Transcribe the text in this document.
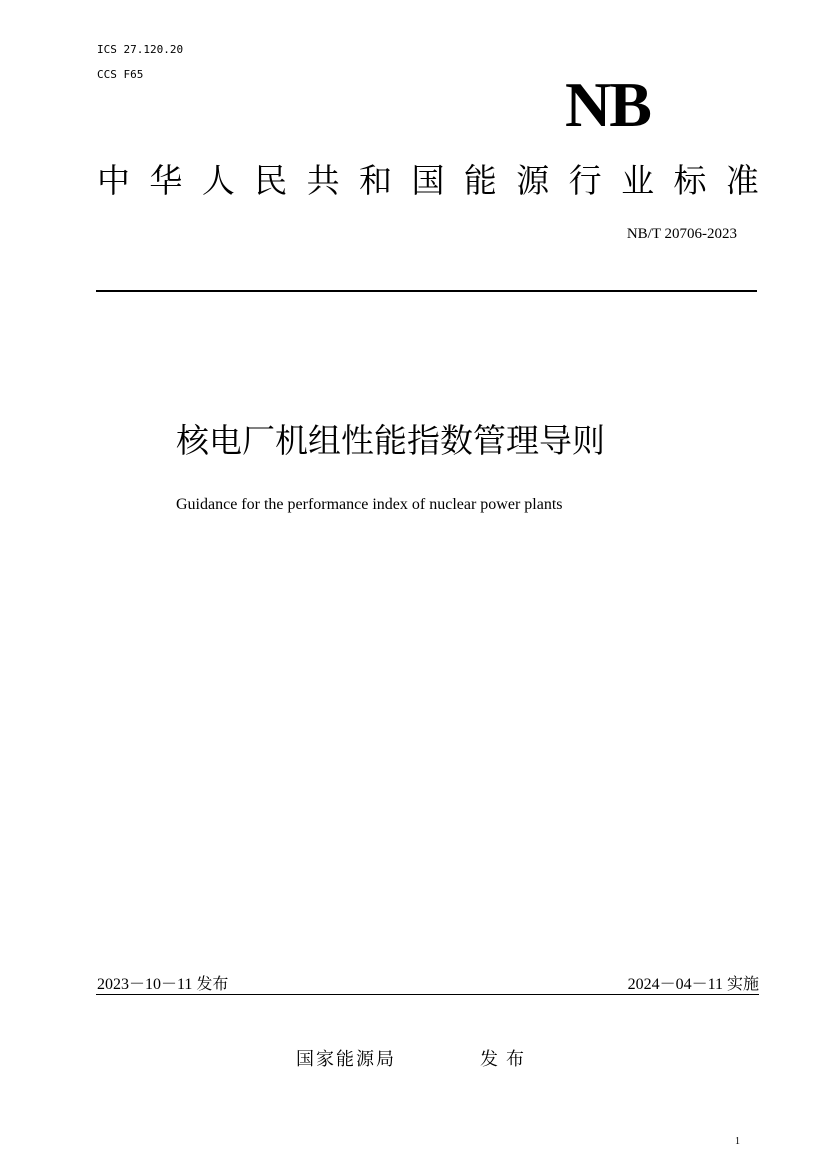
ICS 27.120.20
CCS F65	NB
中 华 人 民 共 和 国 能 源 行 业 标 准
NB/T 20706-2023
核电厂机组性能指数管理导则
Guidance for the performance index of nuclear power plants
2023－10－11 发布	2024－04－11 实施
国家能源局	发布
1
